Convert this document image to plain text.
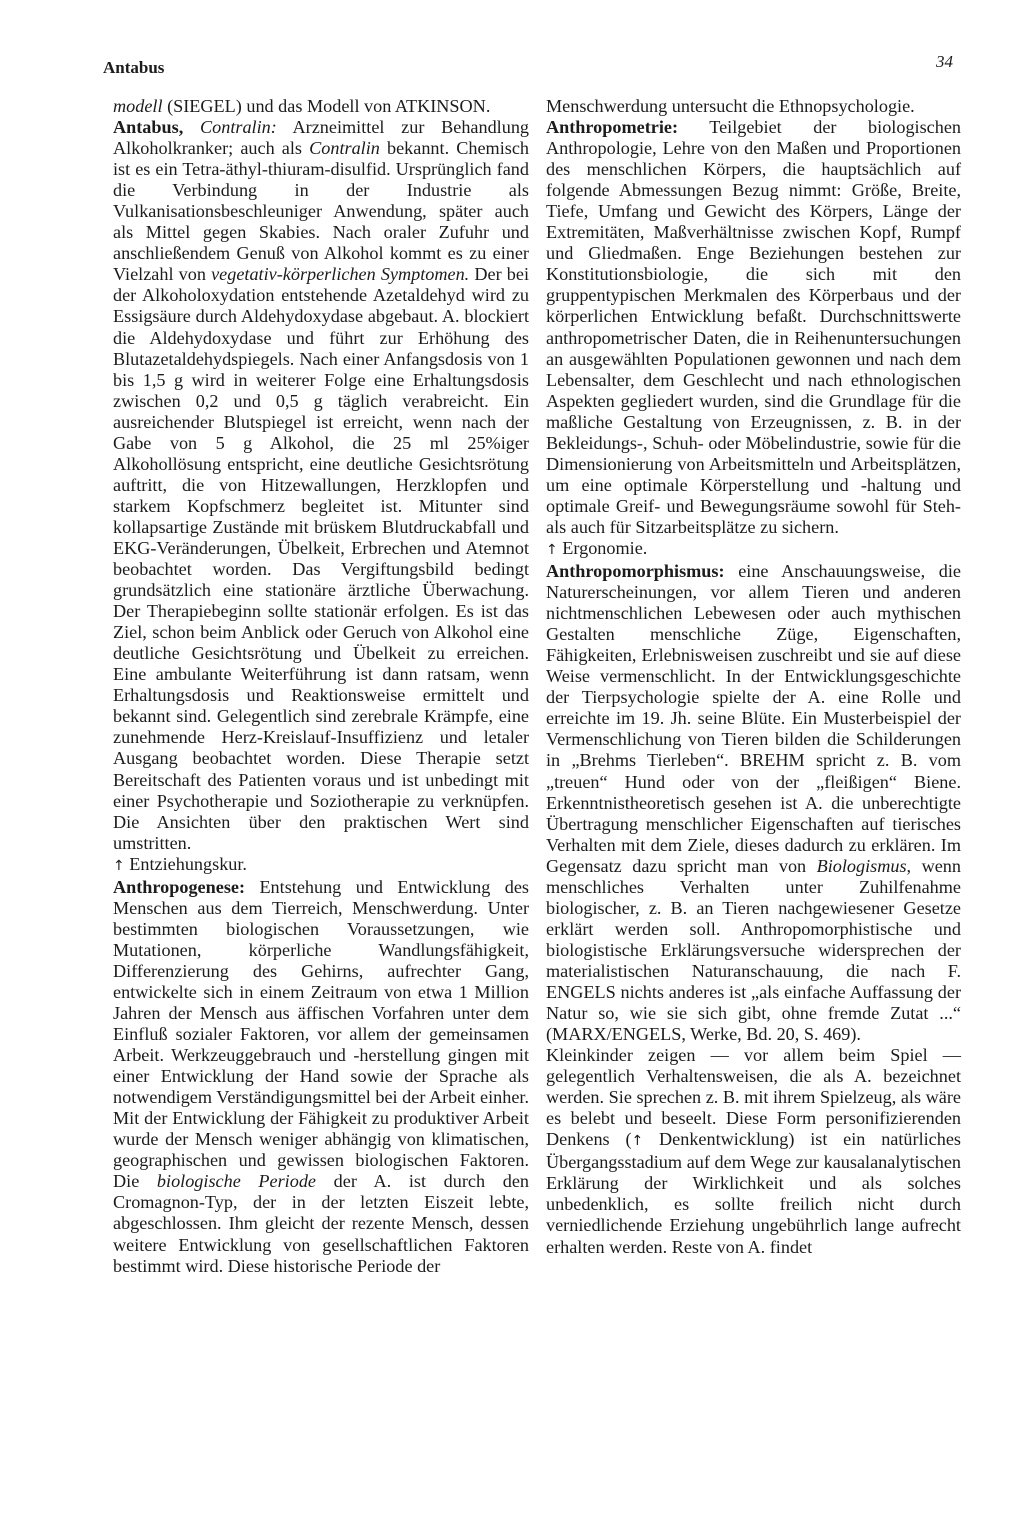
Antabus	34

modell (SIEGEL) und das Modell von ATKINSON.

Antabus, Contralin: Arzneimittel zur Behandlung Alkoholkranker; auch als Contralin bekannt. Chemisch ist es ein Tetra-äthyl-thiuram-disulfid. Ursprünglich fand die Verbindung in der Industrie als Vulkanisationsbeschleuniger Anwendung, später auch als Mittel gegen Skabies. Nach oraler Zufuhr und anschließendem Genuß von Alkohol kommt es zu einer Vielzahl von vegetativ-körperlichen Symptomen. Der bei der Alkoholoxydation entstehende Azetaldehyd wird zu Essigsäure durch Aldehydoxydase abgebaut. A. blockiert die Aldehydoxydase und führt zur Erhöhung des Blutazetaldehydspiegels. Nach einer Anfangsdosis von 1 bis 1,5 g wird in weiterer Folge eine Erhaltungsdosis zwischen 0,2 und 0,5 g täglich verabreicht. Ein ausreichender Blutspiegel ist erreicht, wenn nach der Gabe von 5 g Alkohol, die 25 ml 25%iger Alkohollösung entspricht, eine deutliche Gesichtsrötung auftritt, die von Hitzewallungen, Herzklopfen und starkem Kopfschmerz begleitet ist. Mitunter sind kollapsartige Zustände mit brüskem Blutdruckabfall und EKG-Veränderungen, Übelkeit, Erbrechen und Atemnot beobachtet worden. Das Vergiftungsbild bedingt grundsätzlich eine stationäre ärztliche Überwachung. Der Therapiebeginn sollte stationär erfolgen. Es ist das Ziel, schon beim Anblick oder Geruch von Alkohol eine deutliche Gesichtsrötung und Übelkeit zu erreichen. Eine ambulante Weiterführung ist dann ratsam, wenn Erhaltungsdosis und Reaktionsweise ermittelt und bekannt sind. Gelegentlich sind zerebrale Krämpfe, eine zunehmende Herz-Kreislauf-Insuffizienz und letaler Ausgang beobachtet worden. Diese Therapie setzt Bereitschaft des Patienten voraus und ist unbedingt mit einer Psychotherapie und Soziotherapie zu verknüpfen. Die Ansichten über den praktischen Wert sind umstritten.

↑ Entziehungskur.

Anthropogenese: Entstehung und Entwicklung des Menschen aus dem Tierreich, Menschwerdung. Unter bestimmten biologischen Voraussetzungen, wie Mutationen, körperliche Wandlungsfähigkeit, Differenzierung des Gehirns, aufrechter Gang, entwickelte sich in einem Zeitraum von etwa 1 Million Jahren der Mensch aus äffischen Vorfahren unter dem Einfluß sozialer Faktoren, vor allem der gemeinsamen Arbeit. Werkzeuggebrauch und -herstellung gingen mit einer Entwicklung der Hand sowie der Sprache als notwendigem Verständigungsmittel bei der Arbeit einher. Mit der Entwicklung der Fähigkeit zu produktiver Arbeit wurde der Mensch weniger abhängig von klimatischen, geographischen und gewissen biologischen Faktoren. Die biologische Periode der A. ist durch den Cromagnon-Typ, der in der letzten Eiszeit lebte, abgeschlossen. Ihm gleicht der rezente Mensch, dessen weitere Entwicklung von gesellschaftlichen Faktoren bestimmt wird. Diese historische Periode der

Menschwerdung untersucht die Ethnopsychologie.

Anthropometrie: Teilgebiet der biologischen Anthropologie, Lehre von den Maßen und Proportionen des menschlichen Körpers, die hauptsächlich auf folgende Abmessungen Bezug nimmt: Größe, Breite, Tiefe, Umfang und Gewicht des Körpers, Länge der Extremitäten, Maßverhältnisse zwischen Kopf, Rumpf und Gliedmaßen. Enge Beziehungen bestehen zur Konstitutionsbiologie, die sich mit den gruppentypischen Merkmalen des Körperbaus und der körperlichen Entwicklung befaßt. Durchschnittswerte anthropometrischer Daten, die in Reihenuntersuchungen an ausgewählten Populationen gewonnen und nach dem Lebensalter, dem Geschlecht und nach ethnologischen Aspekten gegliedert wurden, sind die Grundlage für die maßliche Gestaltung von Erzeugnissen, z. B. in der Bekleidungs-, Schuh- oder Möbelindustrie, sowie für die Dimensionierung von Arbeitsmitteln und Arbeitsplätzen, um eine optimale Körperstellung und -haltung und optimale Greif- und Bewegungsräume sowohl für Steh- als auch für Sitzarbeitsplätze zu sichern.

↑ Ergonomie.

Anthropomorphismus: eine Anschauungsweise, die Naturerscheinungen, vor allem Tieren und anderen nichtmenschlichen Lebewesen oder auch mythischen Gestalten menschliche Züge, Eigenschaften, Fähigkeiten, Erlebnisweisen zuschreibt und sie auf diese Weise vermenschlicht. In der Entwicklungsgeschichte der Tierpsychologie spielte der A. eine Rolle und erreichte im 19. Jh. seine Blüte. Ein Musterbeispiel der Vermenschlichung von Tieren bilden die Schilderungen in „Brehms Tierleben“. BREHM spricht z. B. vom „treuen“ Hund oder von der „fleißigen“ Biene. Erkenntnistheoretisch gesehen ist A. die unberechtigte Übertragung menschlicher Eigenschaften auf tierisches Verhalten mit dem Ziele, dieses dadurch zu erklären. Im Gegensatz dazu spricht man von Biologismus, wenn menschliches Verhalten unter Zuhilfenahme biologischer, z. B. an Tieren nachgewiesener Gesetze erklärt werden soll. Anthropomorphistische und biologistische Erklärungsversuche widersprechen der materialistischen Naturanschauung, die nach F. ENGELS nichts anderes ist „als einfache Auffassung der Natur so, wie sie sich gibt, ohne fremde Zutat ...“ (MARX/ENGELS, Werke, Bd. 20, S. 469).

Kleinkinder zeigen — vor allem beim Spiel — gelegentlich Verhaltensweisen, die als A. bezeichnet werden. Sie sprechen z. B. mit ihrem Spielzeug, als wäre es belebt und beseelt. Diese Form personifizierenden Denkens (↑ Denkentwicklung) ist ein natürliches Übergangsstadium auf dem Wege zur kausalanalytischen Erklärung der Wirklichkeit und als solches unbedenklich, es sollte freilich nicht durch verniedlichende Erziehung ungebührlich lange aufrecht erhalten werden. Reste von A. findet
